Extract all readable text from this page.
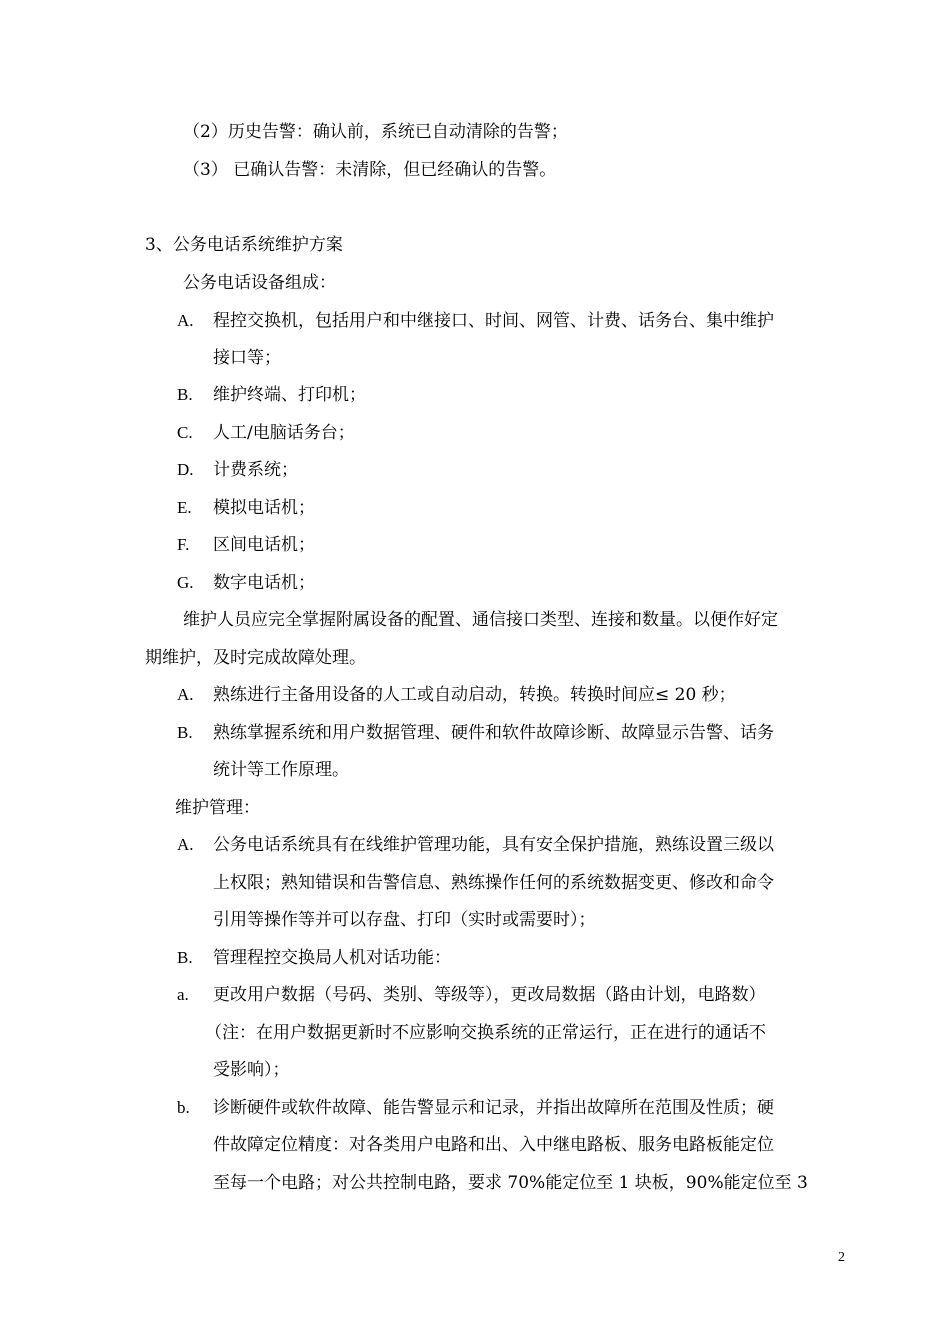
（2）历史告警：确认前，系统已自动清除的告警；
（3） 已确认告警：未清除，但已经确认的告警。
3、公务电话系统维护方案
公务电话设备组成：
A. 程控交换机，包括用户和中继接口、时间、网管、计费、话务台、集中维护
接口等；
B. 维护终端、打印机；
C. 人工/电脑话务台；
D. 计费系统；
E. 模拟电话机；
F. 区间电话机；
G. 数字电话机；
维护人员应完全掌握附属设备的配置、通信接口类型、连接和数量。以便作好定
期维护，及时完成故障处理。
A. 熟练进行主备用设备的人工或自动启动，转换。转换时间应≤ 20 秒；
B. 熟练掌握系统和用户数据管理、硬件和软件故障诊断、故障显示告警、话务
统计等工作原理。
维护管理：
A. 公务电话系统具有在线维护管理功能，具有安全保护措施，熟练设置三级以
上权限；熟知错误和告警信息、熟练操作任何的系统数据变更、修改和命令
引用等操作等并可以存盘、打印（实时或需要时）；
B. 管理程控交换局人机对话功能：
a. 更改用户数据（号码、类别、等级等），更改局数据（路由计划，电路数）
（注：在用户数据更新时不应影响交换系统的正常运行，正在进行的通话不
受影响）；
b. 诊断硬件或软件故障、能告警显示和记录，并指出故障所在范围及性质；硬
件故障定位精度：对各类用户电路和出、入中继电路板、服务电路板能定位
至每一个电路；对公共控制电路，要求 70%能定位至 1 块板，90%能定位至 3
2
